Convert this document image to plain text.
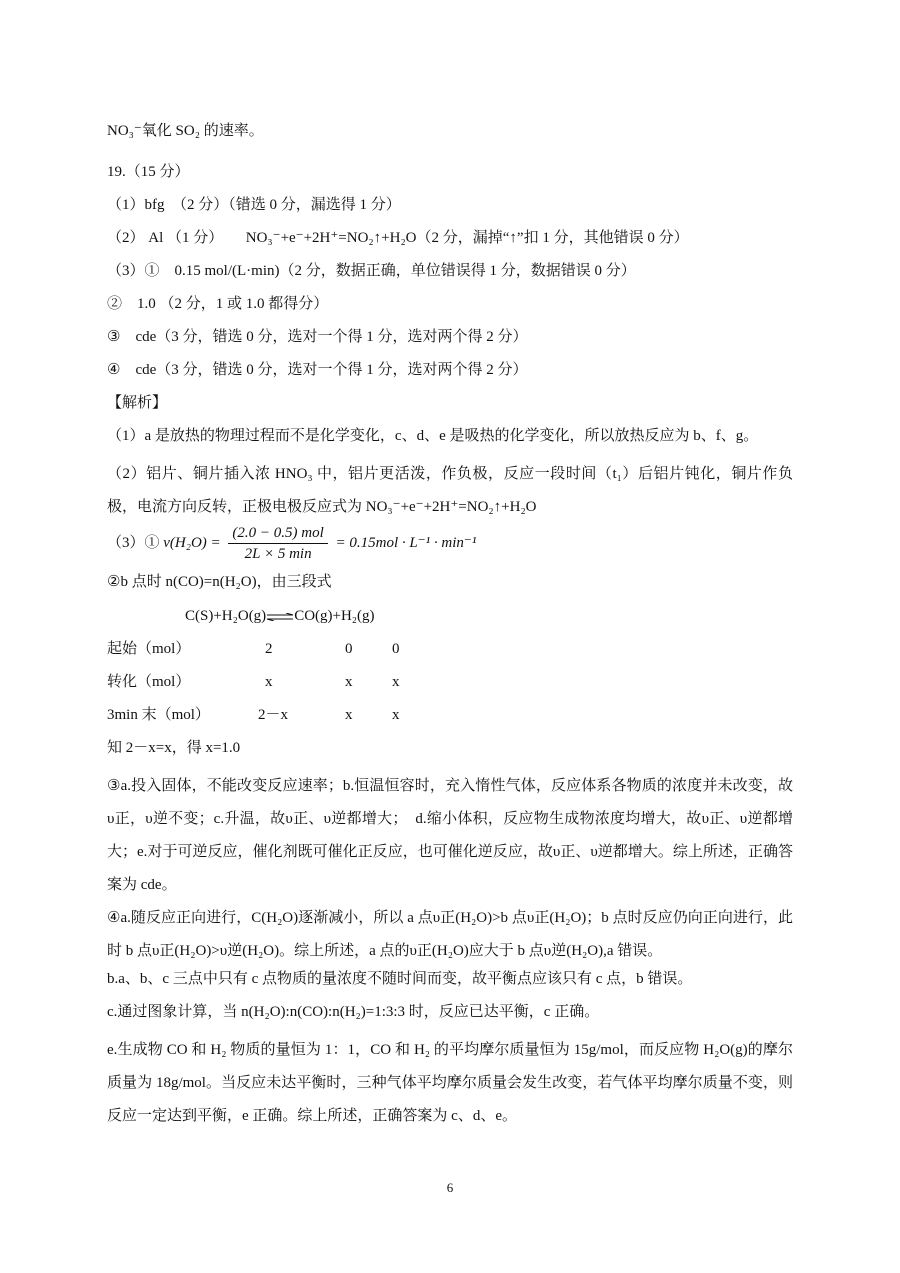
NO₃⁻氧化 SO₂ 的速率。
19.（15 分）
（1）bfg　（2 分）（错选 0 分，漏选得 1 分）
（2） Al （1 分）　　NO₃⁻+e⁻+2H⁺=NO₂↑+H₂O（2 分，漏掉“↑”扣 1 分，其他错误 0 分）
（3）①　0.15 mol/(L·min)（2 分，数据正确，单位错误得 1 分，数据错误 0 分）
②　1.0 （2 分，1 或 1.0 都得分）
③　cde（3 分，错选 0 分，选对一个得 1 分，选对两个得 2 分）
④　cde（3 分，错选 0 分，选对一个得 1 分，选对两个得 2 分）
【解析】
（1）a 是放热的物理过程而不是化学变化，c、d、e 是吸热的化学变化，所以放热反应为 b、f、g。
（2）铝片、铜片插入浓 HNO₃ 中，铝片更活泼，作负极，反应一段时间（t₁）后铝片钝化，铜片作负极，电流方向反转，正极电极反应式为 NO₃⁻+e⁻+2H⁺=NO₂↑+H₂O
（3）① $v(H_2O) = \frac{\text{(2.0 − 0.5) mol}}{2L \times 5 \min} = 0.15mol \cdot L^{-1} \cdot \min^{-1}$
②b 点时 n(CO)=n(H₂O)，由三段式
C(S)+H₂O(g)⇌CO(g)+H₂(g)
起始（mol）	2	0	0
转化（mol）	x	x	x
3min 末（mol）	2－x	x	x
知 2－x=x，得 x=1.0
③a.投入固体，不能改变反应速率；b.恒温恒容时，充入惰性气体，反应体系各物质的浓度并未改变，故υ正，υ逆不变；c.升温，故υ正、υ逆都增大；　d.缩小体积，反应物生成物浓度均增大，故υ正、υ逆都增大；e.对于可逆反应，催化剂既可催化正反应，也可催化逆反应，故υ正、υ逆都增大。综上所述，正确答案为 cde。
④a.随反应正向进行，C(H₂O)逐渐减小，所以 a 点υ正(H₂O)>b 点υ正(H₂O)；b 点时反应仍向正向进行，此时 b 点υ正(H₂O)>υ逆(H₂O)。综上所述，a 点的υ正(H₂O)应大于 b 点υ逆(H₂O),a 错误。
b.a、b、c 三点中只有 c 点物质的量浓度不随时间而变，故平衡点应该只有 c 点，b 错误。
c.通过图象计算，当 n(H₂O):n(CO):n(H₂)=1:3:3 时，反应已达平衡，c 正确。
e.生成物 CO 和 H₂ 物质的量恒为 1：1，CO 和 H₂ 的平均摩尔质量恒为 15g/mol，而反应物 H₂O(g)的摩尔质量为 18g/mol。当反应未达平衡时，三种气体平均摩尔质量会发生改变，若气体平均摩尔质量不变，则反应一定达到平衡，e 正确。综上所述，正确答案为 c、d、e。
6
